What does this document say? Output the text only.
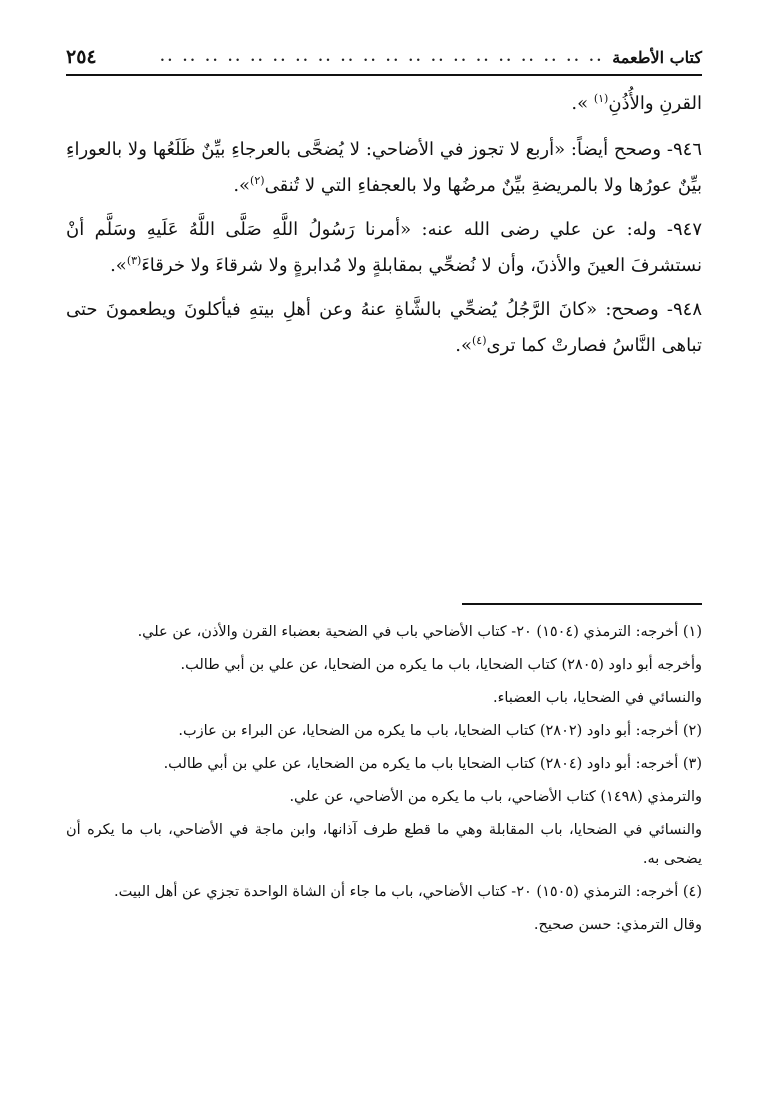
كتاب الأطعمة
.. .. .. .. .. .. .. .. .. .. .. .. .. .. .. .. .. .. .. ..
٢٥٤

القرنِ والأُذُنِ$^{(١)}$ ».

٩٤٦- وصحح أيضاً: «أربع لا تجوز في الأضاحي: لا يُضحَّى بالعرجاءِ بيِّنٌ ظَلَعُها ولا بالعوراءِ بيِّنٌ عورُها ولا بالمريضةِ بيِّنٌ مرضُها ولا بالعجفاءِ التي لا تُنقى$^{(٢)}$».

٩٤٧- وله: عن علي رضى الله عنه: «أمرنا رَسُولُ اللَّهِ صَلَّى اللَّهُ عَلَيهِ وسَلَّم أنْ نستشرفَ العينَ والأذنَ، وأن لا نُضحِّي بمقابلةٍ ولا مُدابرةٍ ولا شرقاءَ ولا خرقاءَ$^{(٣)}$».

٩٤٨- وصحح: «كانَ الرَّجُلُ يُضحِّي بالشَّاةِ عنهُ وعن أهلِ بيتهِ فيأكلونَ ويطعمونَ حتى تباهى النَّاسُ فصارتْ كما ترى$^{(٤)}$».

(١) أخرجه: الترمذي (١٥٠٤) ٢٠- كتاب الأضاحي باب في الضحية بعضباء القرن والأذن، عن علي.

وأخرجه أبو داود (٢٨٠٥) كتاب الضحايا، باب ما يكره من الضحايا، عن علي بن أبي طالب.

والنسائي في الضحايا، باب العضباء.

(٢) أخرجه: أبو داود (٢٨٠٢) كتاب الضحايا، باب ما يكره من الضحايا، عن البراء بن عازب.

(٣) أخرجه: أبو داود (٢٨٠٤) كتاب الضحايا باب ما يكره من الضحايا، عن علي بن أبي طالب.

والترمذي (١٤٩٨) كتاب الأضاحي، باب ما يكره من الأضاحي، عن علي.

والنسائي في الضحايا، باب المقابلة وهي ما قطع طرف آذانها، وابن ماجة في الأضاحي، باب ما يكره أن يضحى به.

(٤) أخرجه: الترمذي (١٥٠٥) ٢٠- كتاب الأضاحي، باب ما جاء أن الشاة الواحدة تجزي عن أهل البيت.

وقال الترمذي: حسن صحيح.
